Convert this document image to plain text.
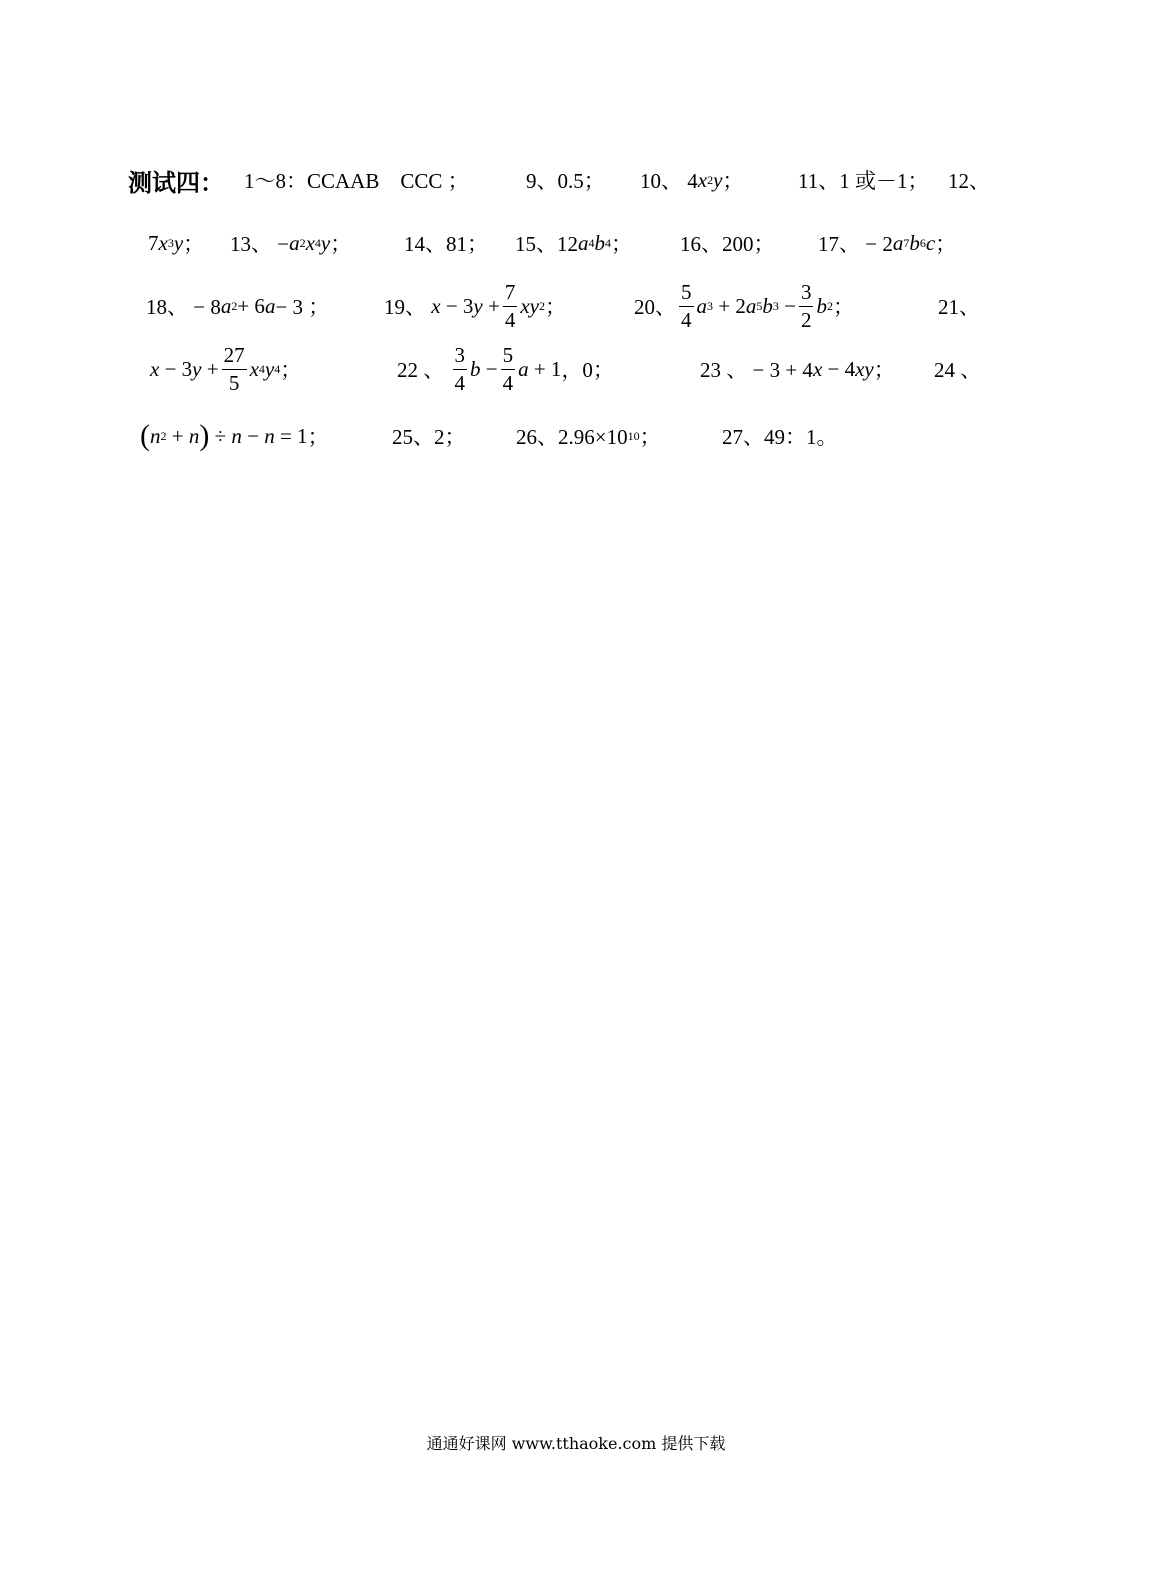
测试四： 1～8：CCAAB　CCC ；	9、0.5； 10、 4 x 2 y ；	11、1 或－1； 12、
7 x 3 y ； 13、 − a 2 x 4 y ；	14、81； 15、12 a 4 b 4 ； 16、200； 17、 − 2 a 7 b 6 c ；
18、 − 8 a 2 + 6 a − 3 ；	19、
x − 3 $y + \frac{7}{4}$ xy 2 ；	20、 $\frac{5}{4}$ a 3 + 2 a 5 b $3 - \frac{3}{2}$ b 2 ；	21、
x − 3 $y + \frac{27}{5}$ x 4 y 4 ；	22 、
$\frac{3}{4}$ $b - \frac{5}{4}$ a + 1 ，0；	23 、 − 3 + 4 x − 4 xy ； 24 、
( n 2 + n ) ÷ n − n = 1 ；	25、2； 26、2.96×10 10 ；	27、49：1。
通通好课网 www.tthaoke.com 提供下载
